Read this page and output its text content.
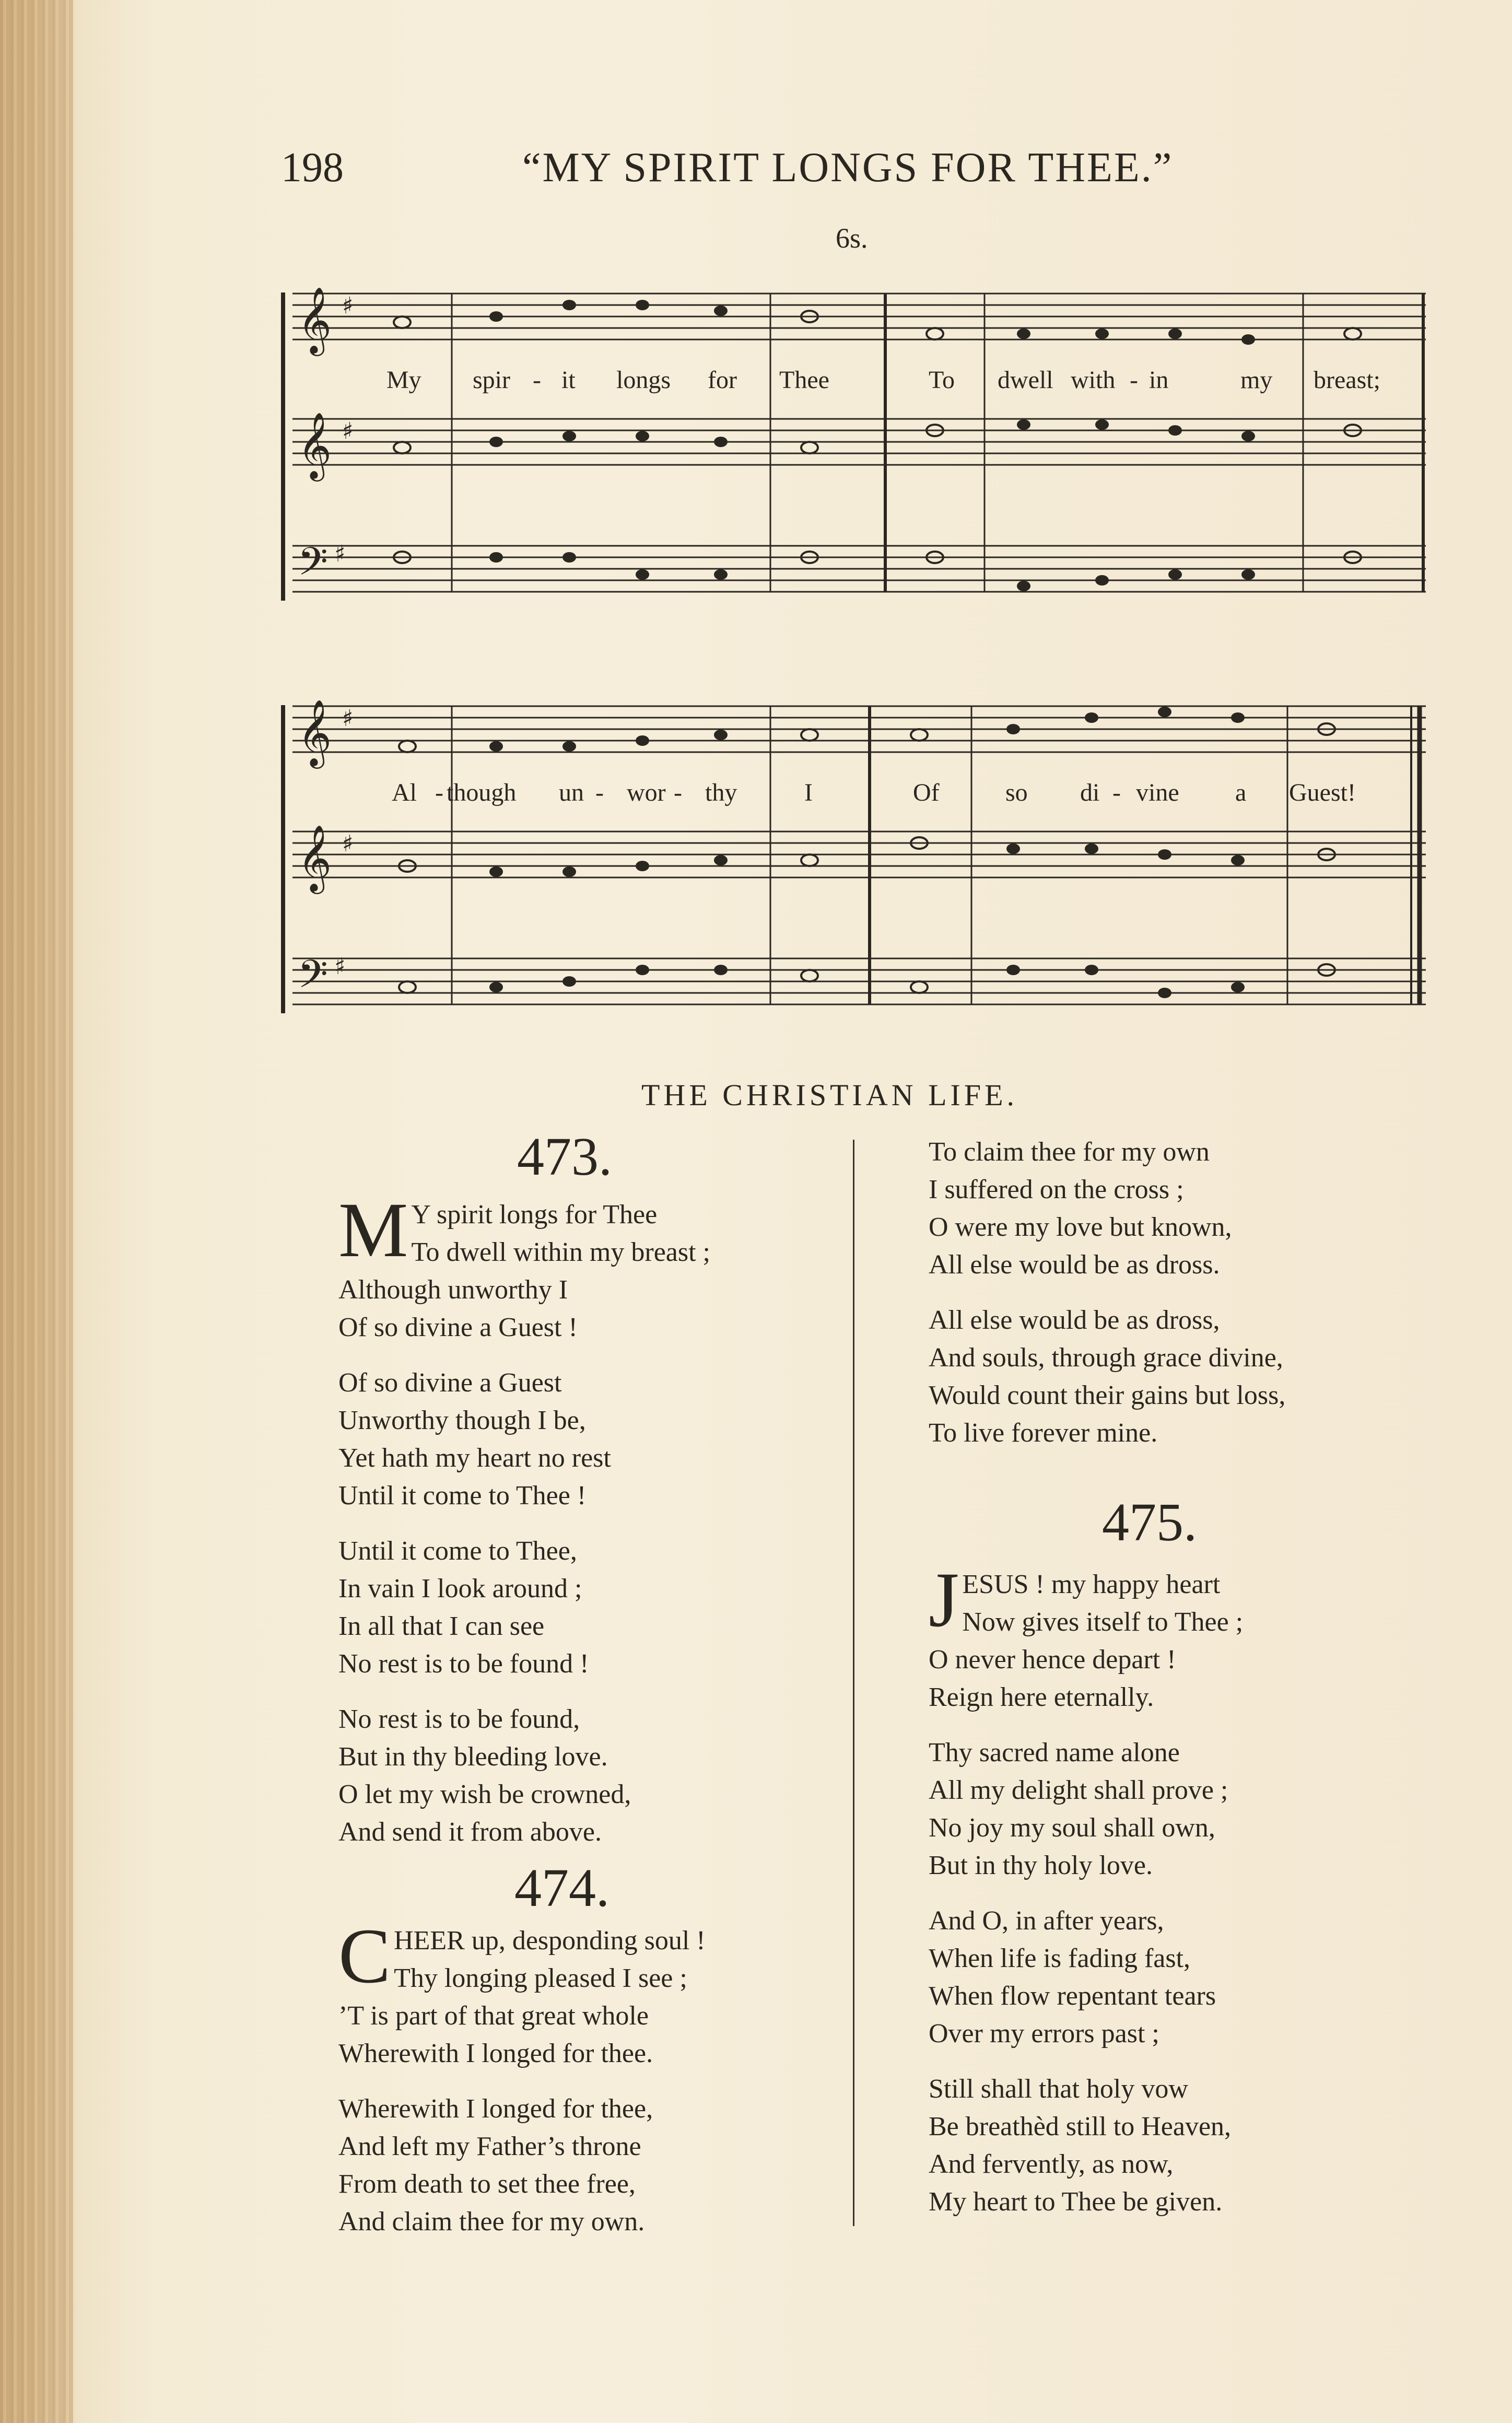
198	“MY SPIRIT LONGS FOR THEE.”
6s.
𝄞
𝄞
𝄢
♯
♯
♯
My spir - it longs for Thee	To dwell with - in	my breast;
𝄞
𝄞
𝄢
♯
♯
♯
Al - though un - wor - thy	I	Of	so di - vine a Guest!
THE CHRISTIAN LIFE.
473.
M Y spirit longs for Thee

To dwell within my breast ;

Although unworthy I

Of so divine a Guest !

Of so divine a Guest

Unworthy though I be,

Yet hath my heart no rest

Until it come to Thee !

Until it come to Thee,

In vain I look around ;

In all that I can see

No rest is to be found !

No rest is to be found,

But in thy bleeding love.

O let my wish be crowned,

And send it from above.

474.
C HEER up, desponding soul !

Thy longing pleased I see ;

’T is part of that great whole

Wherewith I longed for thee.

Wherewith I longed for thee,

And left my Father’s throne

From death to set thee free,

And claim thee for my own.

To claim thee for my own

I suffered on the cross ;

O were my love but known,

All else would be as dross.

All else would be as dross,

And souls, through grace divine,

Would count their gains but loss,

To live forever mine.

475.
J ESUS ! my happy heart

Now gives itself to Thee ;

O never hence depart !

Reign here eternally.

Thy sacred name alone

All my delight shall prove ;

No joy my soul shall own,

But in thy holy love.

And O, in after years,

When life is fading fast,

When flow repentant tears

Over my errors past ;

Still shall that holy vow

Be breathèd still to Heaven,

And fervently, as now,

My heart to Thee be given.
